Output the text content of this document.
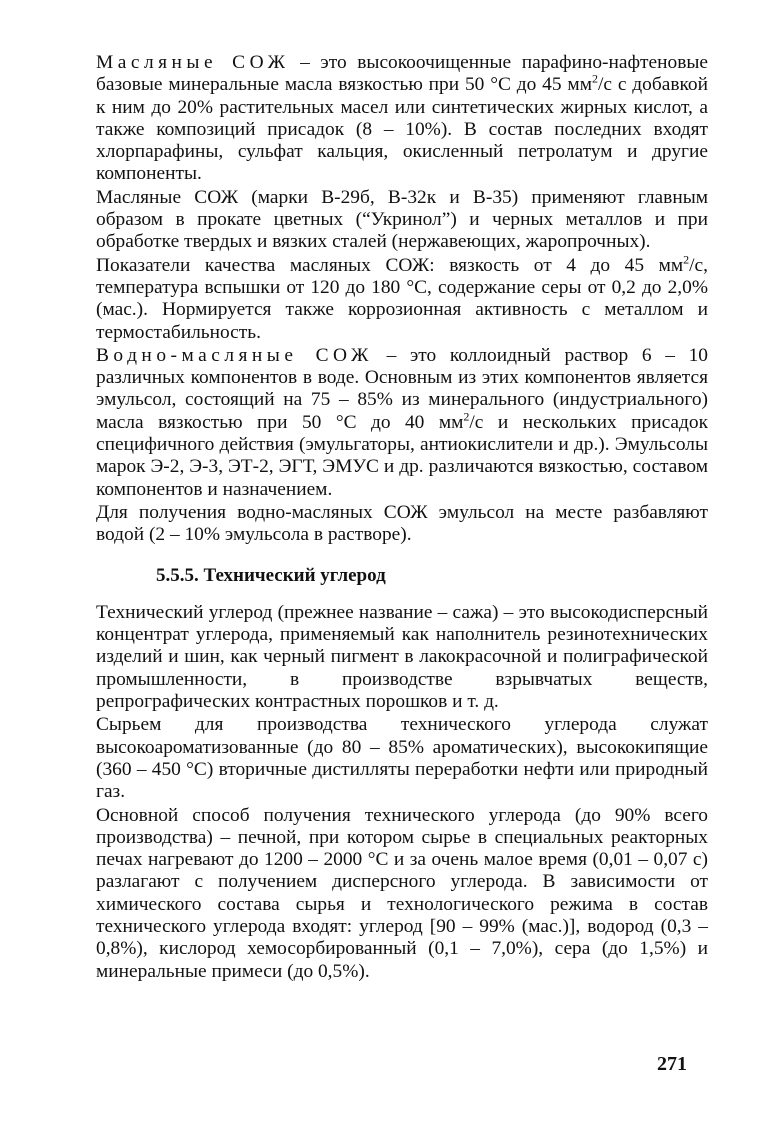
Масляные СОЖ – это высокоочищенные парафино-нафтеновые базовые минеральные масла вязкостью при 50 °C до 45 $мм^2/с$ с добавкой к ним до 20% растительных масел или синтетических жирных кислот, а также композиций присадок (8 – 10%). В состав последних входят хлорпарафины, сульфат кальция, окисленный петролатум и другие компоненты.

Масляные СОЖ (марки В-29б, В-32к и В-35) применяют главным образом в прокате цветных (“Укринол”) и черных металлов и при обработке твердых и вязких сталей (нержавеющих, жаропрочных).

Показатели качества масляных СОЖ: вязкость от 4 до 45 $мм^2/с$, температура вспышки от 120 до 180 °C, содержание серы от 0,2 до 2,0% (мас.). Нормируется также коррозионная активность с металлом и термостабильность.

Водно-масляные СОЖ – это коллоидный раствор 6 – 10 различных компонентов в воде. Основным из этих компонентов является эмульсол, состоящий на 75 – 85% из минерального (индустриального) масла вязкостью при 50 °C до 40 $мм^2/с$ и нескольких присадок специфичного действия (эмульгаторы, антиокислители и др.). Эмульсолы марок Э-2, Э-3, ЭТ-2, ЭГТ, ЭМУС и др. различаются вязкостью, составом компонентов и назначением.

Для получения водно-масляных СОЖ эмульсол на месте разбавляют водой (2 – 10% эмульсола в растворе).

5.5.5. Технический углерод

Технический углерод (прежнее название – сажа) – это высокодисперсный концентрат углерода, применяемый как наполнитель резинотехнических изделий и шин, как черный пигмент в лакокрасочной и полиграфической промышленности, в производстве взрывчатых веществ, репрографических контрастных порошков и т. д.

Сырьем для производства технического углерода служат высокоароматизованные (до 80 – 85% ароматических), высококипящие (360 – 450 °C) вторичные дистилляты переработки нефти или природный газ.

Основной способ получения технического углерода (до 90% всего производства) – печной, при котором сырье в специальных реакторных печах нагревают до 1200 – 2000 °C и за очень малое время (0,01 – 0,07 с) разлагают с получением дисперсного углерода. В зависимости от химического состава сырья и технологического режима в состав технического углерода входят: углерод [90 – 99% (мас.)], водород (0,3 – 0,8%), кислород хемосорбированный (0,1 – 7,0%), сера (до 1,5%) и минеральные примеси (до 0,5%).

271
